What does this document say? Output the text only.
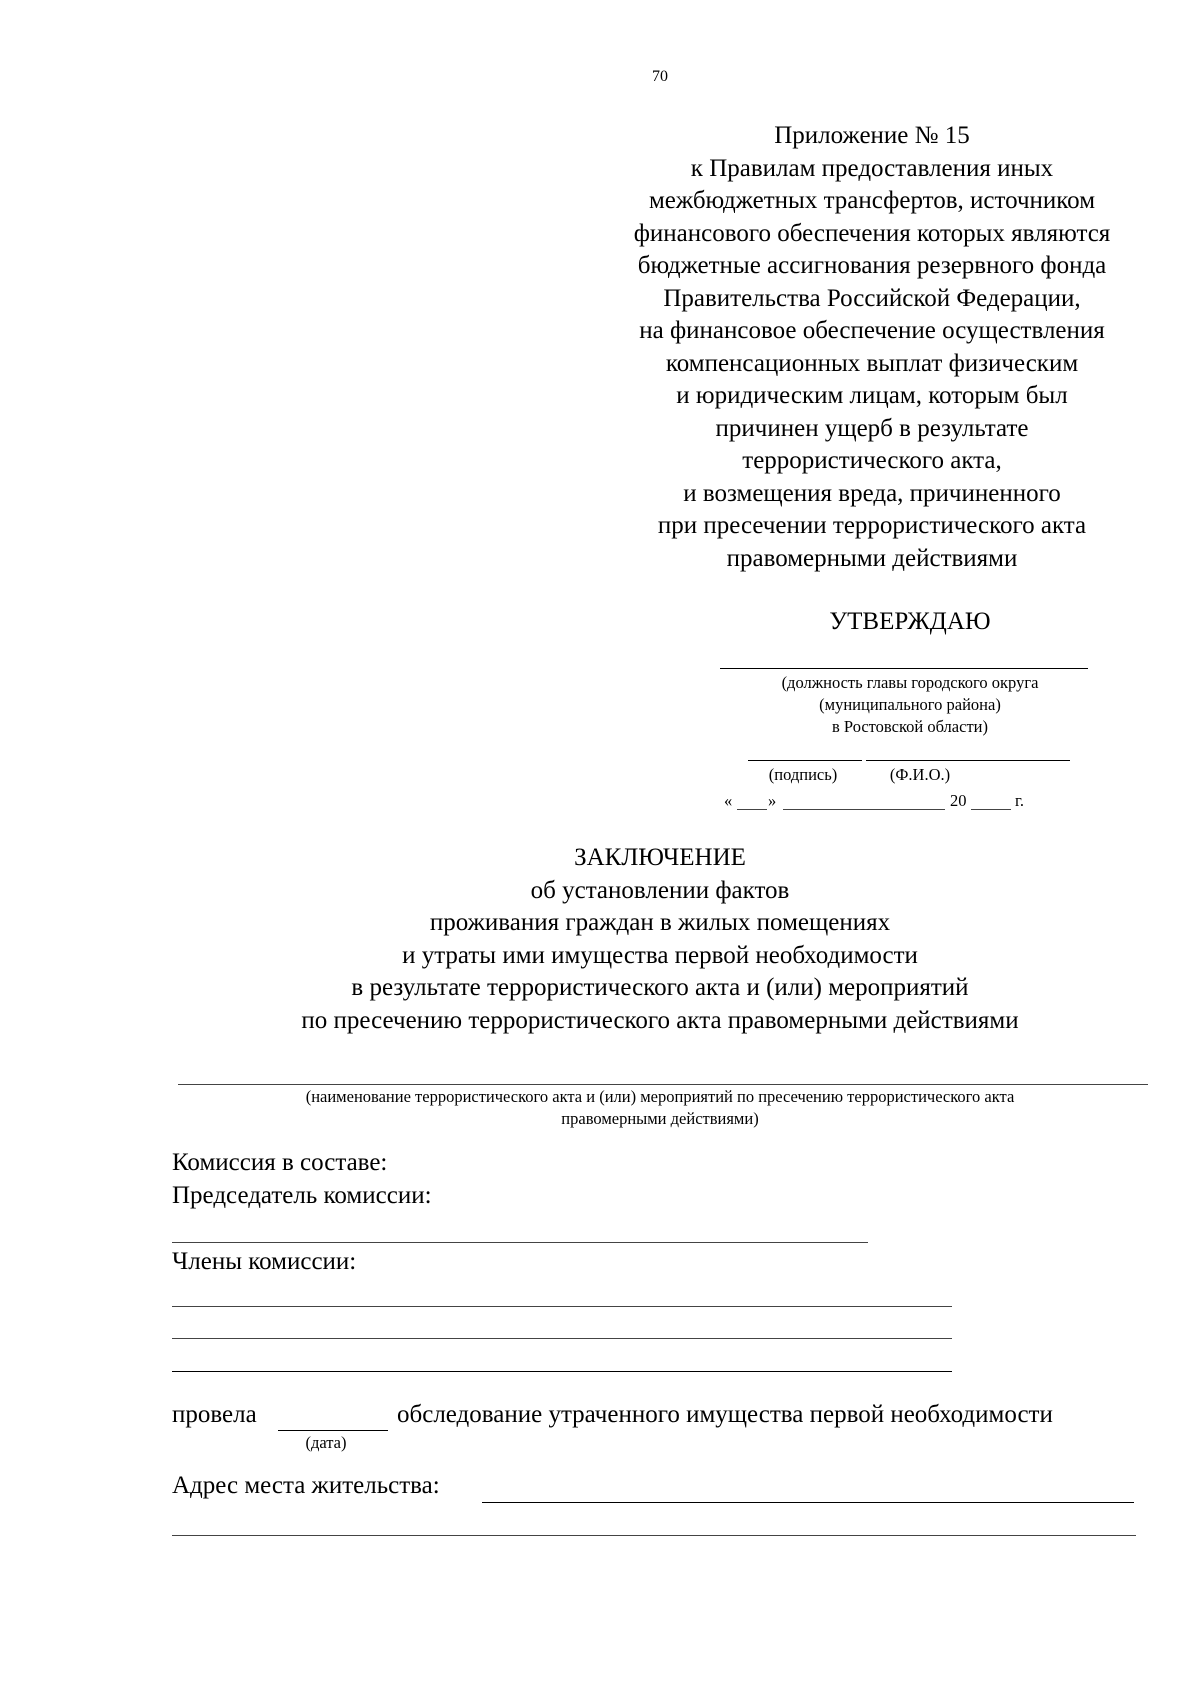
70
Приложение № 15
к Правилам предоставления иных
межбюджетных трансфертов, источником
финансового обеспечения которых являются
бюджетные ассигнования резервного фонда
Правительства Российской Федерации,
на финансовое обеспечение осуществления
компенсационных выплат физическим
и юридическим лицам, которым был
причинен ущерб в результате
террористического акта,
и возмещения вреда, причиненного
при пресечении террористического акта
правомерными действиями
УТВЕРЖДАЮ
(должность главы городского округа
(муниципального района)
в Ростовской области)
(подпись)	(Ф.И.О.)
« »	20	г.
ЗАКЛЮЧЕНИЕ
об установлении фактов
проживания граждан в жилых помещениях
и утраты ими имущества первой необходимости
в результате террористического акта и (или) мероприятий
по пресечению террористического акта правомерными действиями
(наименование террористического акта и (или) мероприятий по пресечению террористического акта
правомерными действиями)
Комиссия в составе:
Председатель комиссии:
Члены комиссии:
провела	обследование утраченного имущества первой необходимости
(дата)
Адрес места жительства:
